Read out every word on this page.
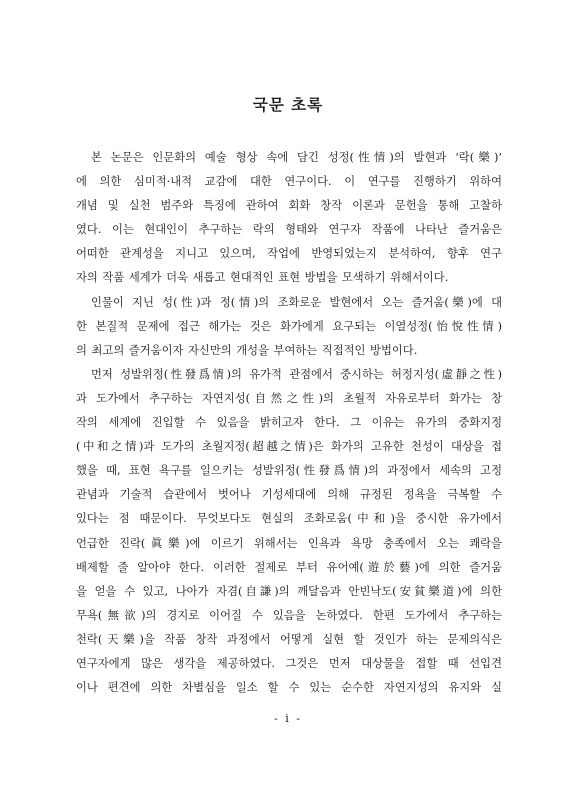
국문 초록
본 논문은 인문화의 예술 형상 속에 담긴 성정(性情)의 발현과 ‘락(樂)’
에 의한 심미적·내적 교감에 대한 연구이다. 이 연구를 진행하기 위하여
개념 및 실천 범주와 특징에 관하여 회화 창작 이론과 문헌을 통해 고찰하
였다. 이는 현대인이 추구하는 락의 형태와 연구자 작품에 나타난 즐거움은
어떠한 관계성을 지니고 있으며, 작업에 반영되었는지 분석하여, 향후 연구
자의 작품 세계가 더욱 새롭고 현대적인 표현 방법을 모색하기 위해서이다.
인물이 지닌 성(性)과 정(情)의 조화로운 발현에서 오는 즐거움(樂)에 대
한 본질적 문제에 접근 해가는 것은 화가에게 요구되는 이열성정(怡悅性情)
의 최고의 즐거움이자 자신만의 개성을 부여하는 직접적인 방법이다.
먼저 성발위정(性發爲情)의 유가적 관점에서 중시하는 허정지성(虛靜之性)
과 도가에서 추구하는 자연지성(自然之性)의 초월적 자유로부터 화가는 창
작의 세계에 진입할 수 있음을 밝히고자 한다. 그 이유는 유가의 중화지정
(中和之情)과 도가의 초월지정(超越之情)은 화가의 고유한 천성이 대상을 접
했을 때, 표현 욕구를 일으키는 성발위정(性發爲情)의 과정에서 세속의 고정
관념과 기술적 습관에서 벗어나 기성세대에 의해 규정된 정욕을 극복할 수
있다는 점 때문이다. 무엇보다도 현실의 조화로움(中和)을 중시한 유가에서
언급한 진락(眞樂)에 이르기 위해서는 인욕과 욕망 충족에서 오는 쾌락을
배제할 줄 알아야 한다. 이러한 절제로 부터 유어예(遊於藝)에 의한 즐거움
을 얻을 수 있고, 나아가 자겸(自謙)의 깨달음과 안빈낙도(安貧樂道)에 의한
무욕(無欲)의 경지로 이어질 수 있음을 논하였다. 한편 도가에서 추구하는
천락(天樂)을 작품 창작 과정에서 어떻게 실현 할 것인가 하는 문제의식은
연구자에게 많은 생각을 제공하였다. 그것은 먼저 대상물을 접할 때 선입견
이나 편견에 의한 차별심을 일소 할 수 있는 순수한 자연지성의 유지와 실
- i -
